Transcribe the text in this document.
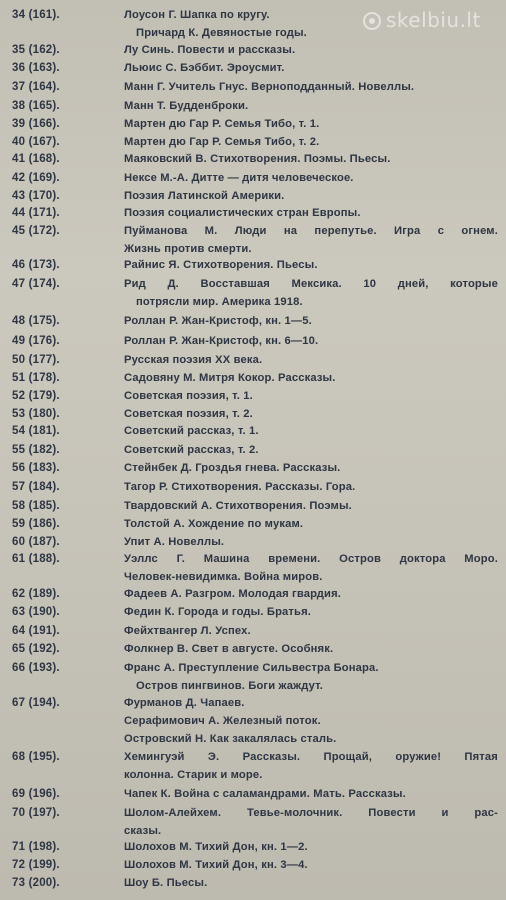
34 (161).	Лоусон Г. Шапка по кругу.
Причард К. Девяностые годы.
35 (162).	Лу Синь. Повести и рассказы.
36 (163).	Льюис С. Бэббит. Эроусмит.
37 (164).	Манн Г. Учитель Гнус. Верноподданный. Новеллы.
38 (165).	Манн Т. Будденброки.
39 (166).	Мартен дю Гар Р. Семья Тибо, т. 1.
40 (167).	Мартен дю Гар Р. Семья Тибо, т. 2.
41 (168).	Маяковский В. Стихотворения. Поэмы. Пьесы.
42 (169).	Нексе М.-А. Дитте — дитя человеческое.
43 (170).	Поэзия Латинской Америки.
44 (171).	Поэзия социалистических стран Европы.
45 (172).	Пуйманова М. Люди на перепутье. Игра с огнем.
Жизнь против смерти.
46 (173).	Райнис Я. Стихотворения. Пьесы.
47 (174).	Рид Д. Восставшая Мексика. 10 дней, которые
потрясли мир. Америка 1918.
48 (175).	Роллан Р. Жан-Кристоф, кн. 1—5.
49 (176).	Роллан Р. Жан-Кристоф, кн. 6—10.
50 (177).	Русская поэзия XX века.
51 (178).	Садовяну М. Митря Кокор. Рассказы.
52 (179).	Советская поэзия, т. 1.
53 (180).	Советская поэзия, т. 2.
54 (181).	Советский рассказ, т. 1.
55 (182).	Советский рассказ, т. 2.
56 (183).	Стейнбек Д. Гроздья гнева. Рассказы.
57 (184).	Тагор Р. Стихотворения. Рассказы. Гора.
58 (185).	Твардовский А. Стихотворения. Поэмы.
59 (186).	Толстой А. Хождение по мукам.
60 (187).	Упит А. Новеллы.
61 (188).	Уэллс Г. Машина времени. Остров доктора Моро.
Человек-невидимка. Война миров.
62 (189).	Фадеев А. Разгром. Молодая гвардия.
63 (190).	Федин К. Города и годы. Братья.
64 (191).	Фейхтвангер Л. Успех.
65 (192).	Фолкнер В. Свет в августе. Особняк.
66 (193).	Франс А. Преступление Сильвестра Бонара.
Остров пингвинов. Боги жаждут.
67 (194).	Фурманов Д. Чапаев.
Серафимович А. Железный поток.
Островский Н. Как закалялась сталь.
68 (195).	Хемингуэй Э. Рассказы. Прощай, оружие! Пятая
колонна. Старик и море.
69 (196).	Чапек К. Война с саламандрами. Мать. Рассказы.
70 (197).	Шолом-Алейхем. Тевье-молочник. Повести и рас-
сказы.
71 (198).	Шолохов М. Тихий Дон, кн. 1—2.
72 (199).	Шолохов М. Тихий Дон, кн. 3—4.
73 (200).	Шоу Б. Пьесы.
skelbiu.lt
